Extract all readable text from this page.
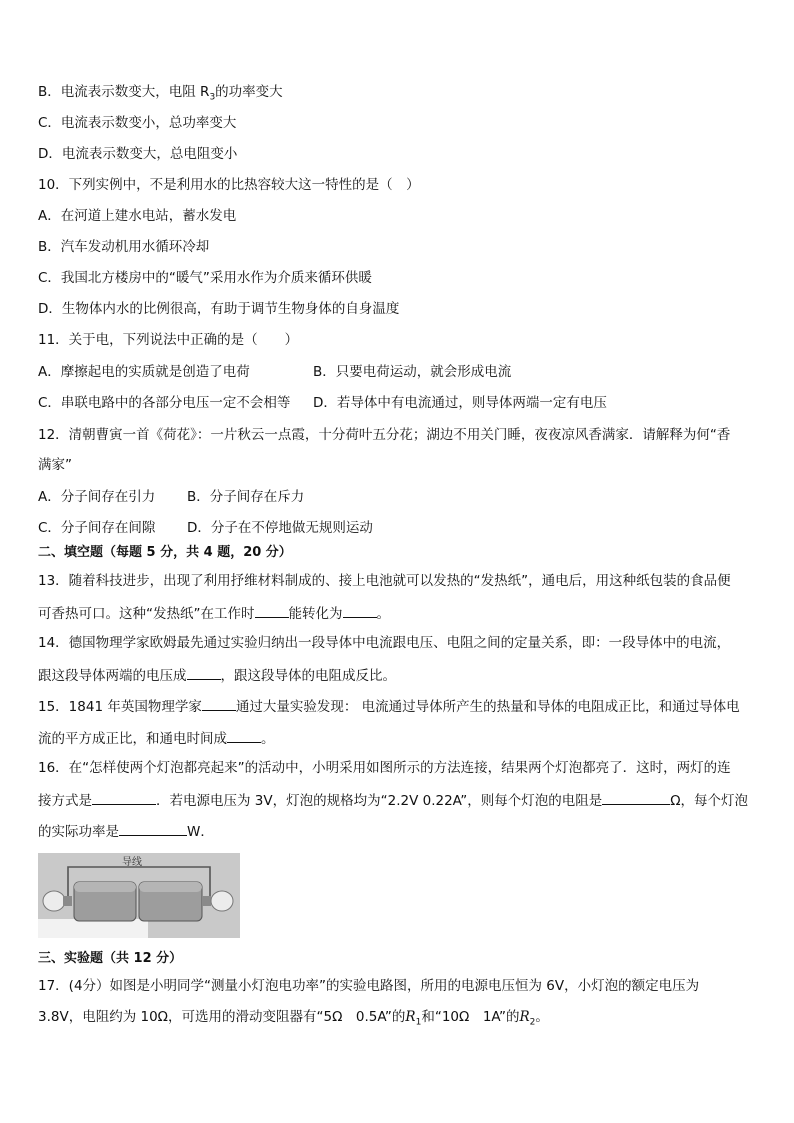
B．电流表示数变大，电阻 $R_3$的功率变大
C．电流表示数变小，总功率变大
D．电流表示数变大，总电阻变小
10．下列实例中，不是利用水的比热容较大这一特性的是（　）
A．在河道上建水电站，蓄水发电
B．汽车发动机用水循环冷却
C．我国北方楼房中的“暖气”采用水作为介质来循环供暖
D．生物体内水的比例很高，有助于调节生物身体的自身温度
11．关于电，下列说法中正确的是（　　）
A．摩擦起电的实质就是创造了电荷	B．只要电荷运动，就会形成电流
C．串联电路中的各部分电压一定不会相等 D．若导体中有电流通过，则导体两端一定有电压
12．清朝曹寅一首《荷花》：一片秋云一点霞，十分荷叶五分花；湖边不用关门睡，夜夜凉风香满家．请解释为何“香
满家”
A．分子间存在引力 B．分子间存在斥力
C．分子间存在间隙 D．分子在不停地做无规则运动
二、填空题（每题 5 分，共 4 题，20 分）
13．随着科技进步，出现了利用抒维材料制成的、接上电池就可以发热的“发热纸”，通电后，用这种纸包装的食品便
可香热可口。这种“发热纸”在工作时	能转化为	。
14．德国物理学家欧姆最先通过实验归纳出一段导体中电流跟电压、电阻之间的定量关系，即：一段导体中的电流，
跟这段导体两端的电压成	，跟这段导体的电阻成反比。
15．1841 年英国物理学家	通过大量实验发现： 电流通过导体所产生的热量和导体的电阻成正比，和通过导体电
流的平方成正比，和通电时间成	。
16．在“怎样使两个灯泡都亮起来”的活动中，小明采用如图所示的方法连接，结果两个灯泡都亮了．这时，两灯的连
接方式是	．若电源电压为 3V，灯泡的规格均为“2.2V 0.22A”，则每个灯泡的电阻是	Ω，每个灯泡
的实际功率是	W．
导线
三、实验题（共 12 分）
17．(4分）如图是小明同学“测量小灯泡电功率”的实验电路图，所用的电源电压恒为 6V，小灯泡的额定电压为
3.8V，电阻约为 10Ω，可选用的滑动变阻器有“5Ω　0.5A”的$R_1$和“10Ω　1A”的$R_2$。
